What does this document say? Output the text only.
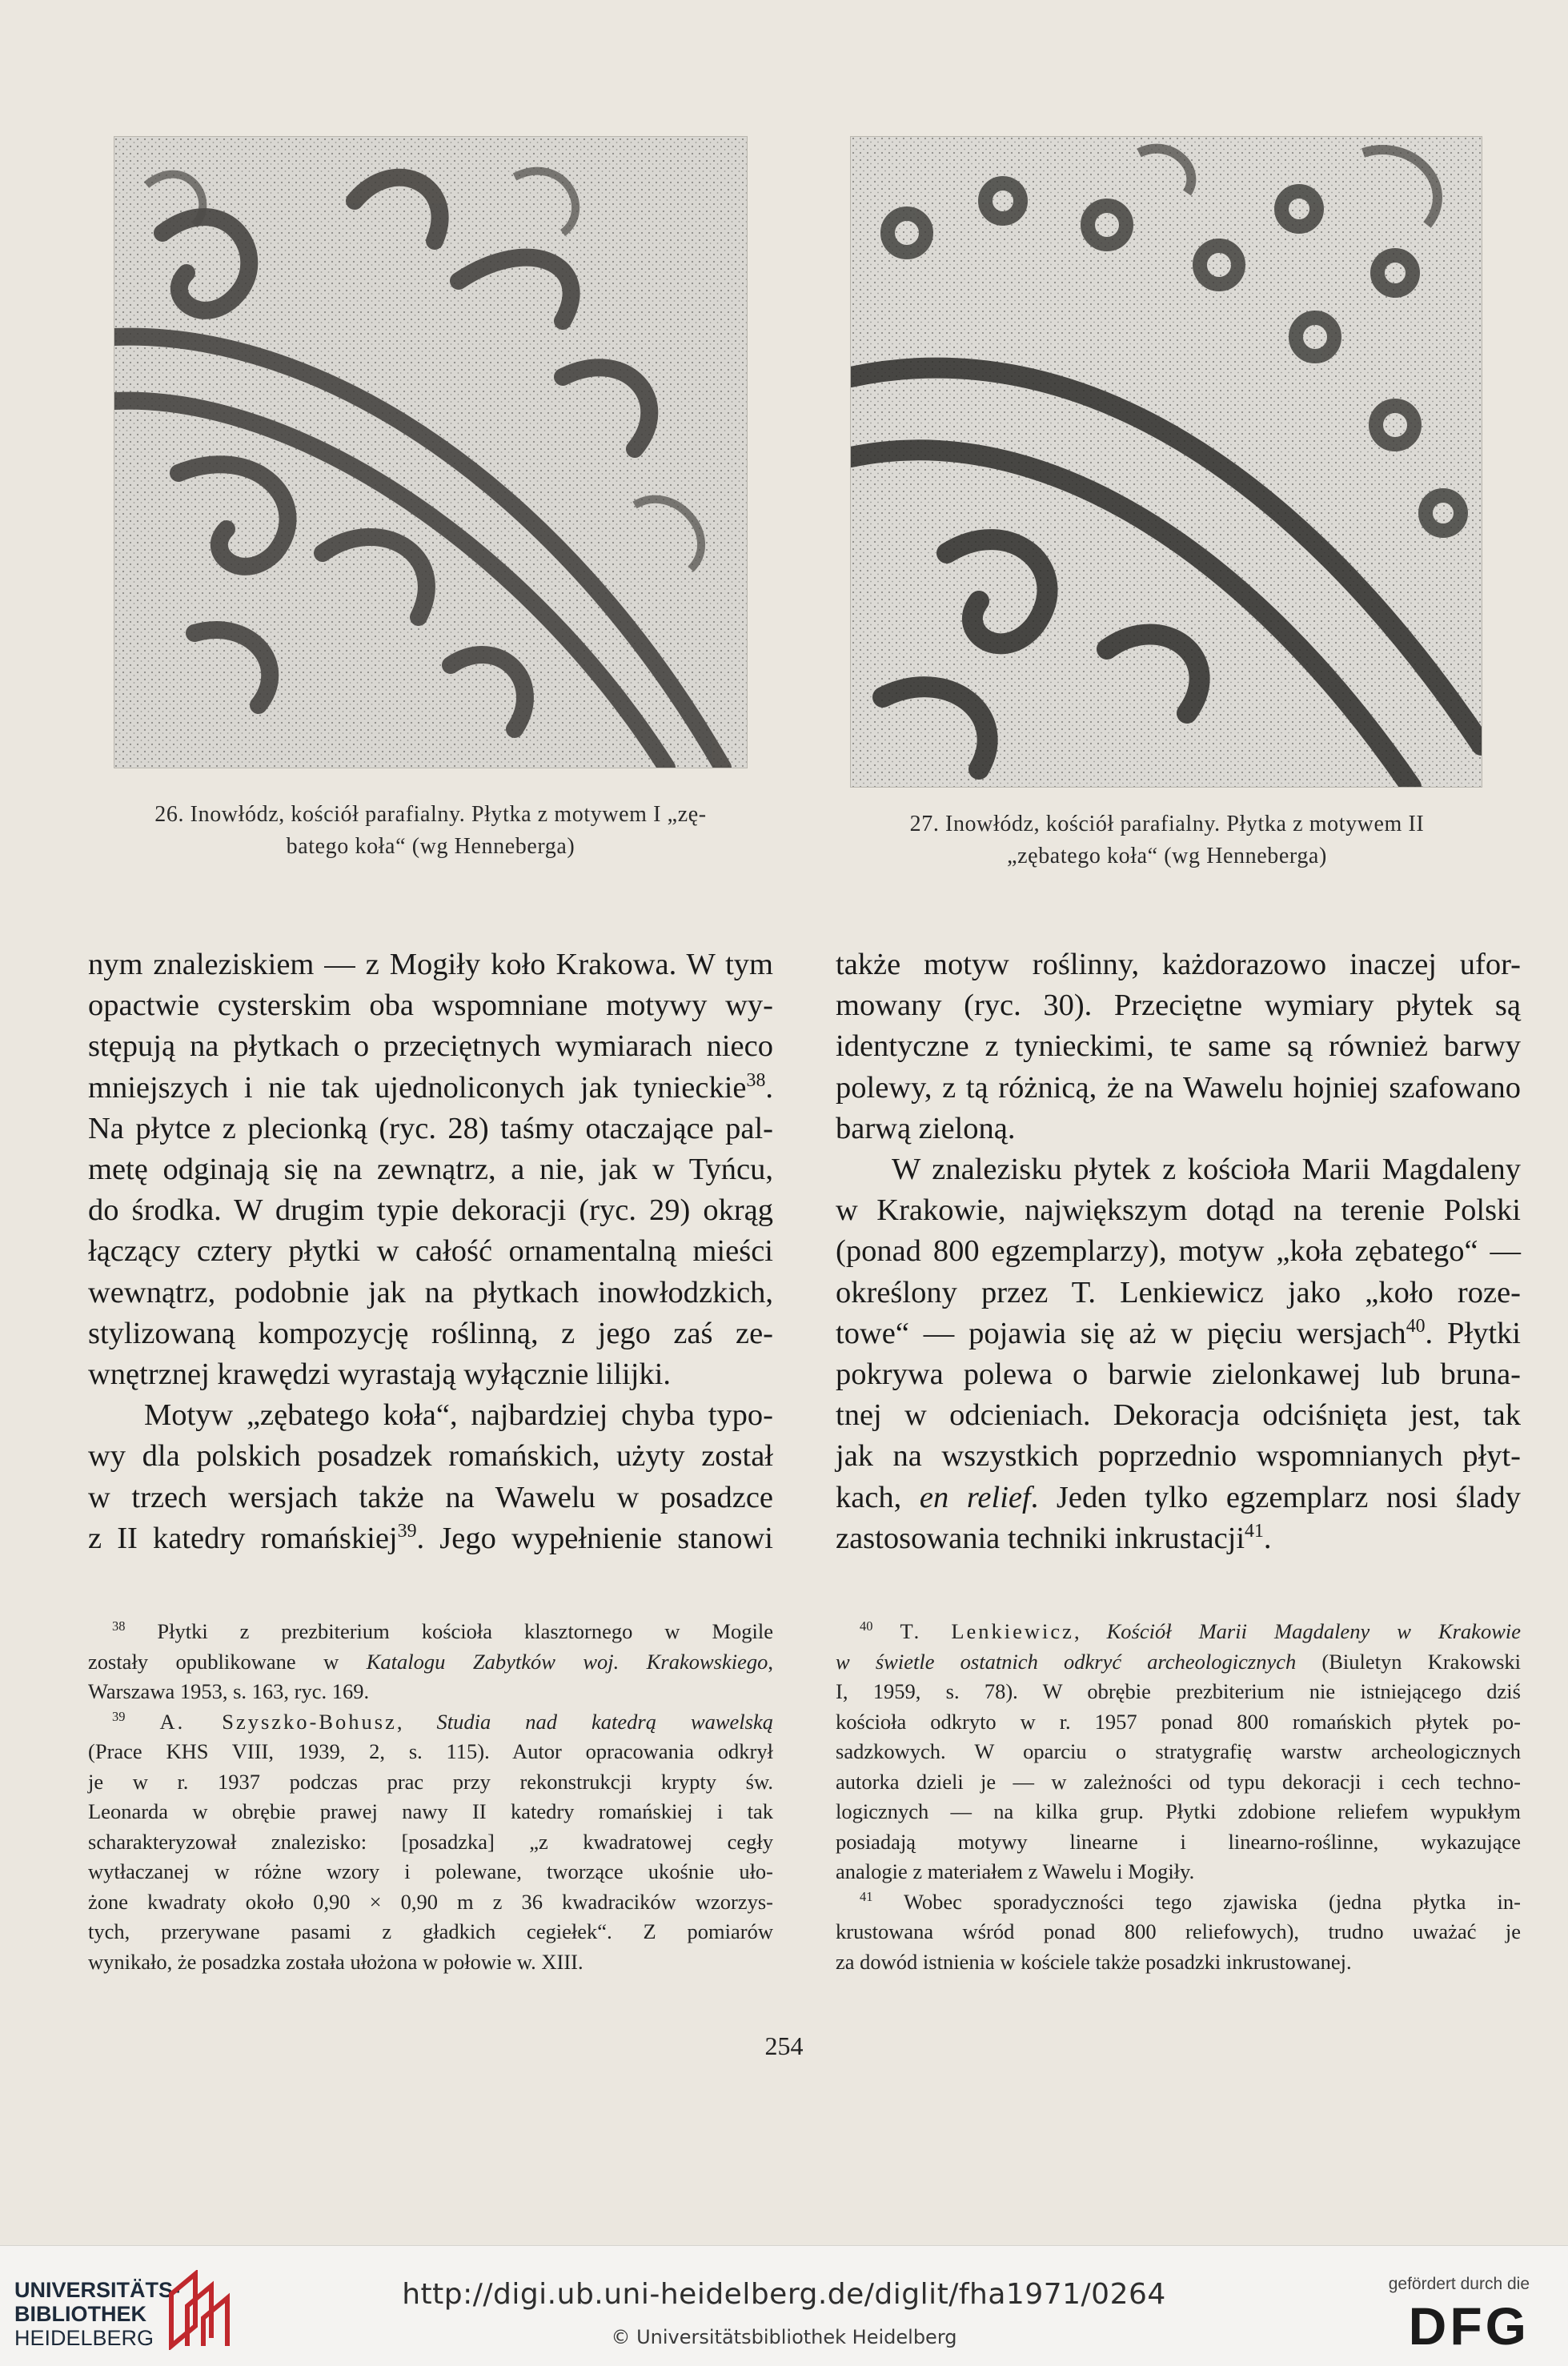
26. Inowłódz, kościół parafialny. Płytka z motywem I „zę-
batego koła“ (wg Henneberga)
27. Inowłódz, kościół parafialny. Płytka z motywem II
„zębatego koła“ (wg Henneberga)
nym znaleziskiem — z Mogiły koło Krakowa. W tym
opactwie cysterskim oba wspomniane motywy wy-
stępują na płytkach o przeciętnych wymiarach nieco
mniejszych i nie tak ujednoliconych jak tynieckie$^{38}$.
Na płytce z plecionką (ryc. 28) taśmy otaczające pal-
metę odginają się na zewnątrz, a nie, jak w Tyńcu,
do środka. W drugim typie dekoracji (ryc. 29) okrąg
łączący cztery płytki w całość ornamentalną mieści
wewnątrz, podobnie jak na płytkach inowłodzkich,
stylizowaną kompozycję roślinną, z jego zaś ze-
wnętrznej krawędzi wyrastają wyłącznie lilijki.
Motyw „zębatego koła“, najbardziej chyba typo-
wy dla polskich posadzek romańskich, użyty został
w trzech wersjach także na Wawelu w posadzce
z II katedry romańskiej$^{39}$. Jego wypełnienie stanowi
także motyw roślinny, każdorazowo inaczej ufor-
mowany (ryc. 30). Przeciętne wymiary płytek są
identyczne z tynieckimi, te same są również barwy
polewy, z tą różnicą, że na Wawelu hojniej szafowano
barwą zieloną.
W znalezisku płytek z kościoła Marii Magdaleny
w Krakowie, największym dotąd na terenie Polski
(ponad 800 egzemplarzy), motyw „koła zębatego“ —
określony przez T. Lenkiewicz jako „koło roze-
towe“ — pojawia się aż w pięciu wersjach$^{40}$. Płytki
pokrywa polewa o barwie zielonkawej lub bruna-
tnej w odcieniach. Dekoracja odciśnięta jest, tak
jak na wszystkich poprzednio wspomnianych płyt-
kach, en relief. Jeden tylko egzemplarz nosi ślady
zastosowania techniki inkrustacji$^{41}$.
$^{38}$ Płytki z prezbiterium kościoła klasztornego w Mogile
zostały opublikowane w Katalogu Zabytków woj. Krakowskiego,
Warszawa 1953, s. 163, ryc. 169.
$^{39}$ A. Szyszko-Bohusz, Studia nad katedrą wawelską
(Prace KHS VIII, 1939, 2, s. 115). Autor opracowania odkrył
je w r. 1937 podczas prac przy rekonstrukcji krypty św.
Leonarda w obrębie prawej nawy II katedry romańskiej i tak
scharakteryzował znalezisko: [posadzka] „z kwadratowej cegły
wytłaczanej w różne wzory i polewane, tworzące ukośnie uło-
żone kwadraty około 0,90 × 0,90 m z 36 kwadracików wzorzys-
tych, przerywane pasami z gładkich cegiełek“. Z pomiarów
wynikało, że posadzka została ułożona w połowie w. XIII.
$^{40}$ T. Lenkiewicz, Kościół Marii Magdaleny w Krakowie
w świetle ostatnich odkryć archeologicznych (Biuletyn Krakowski
I, 1959, s. 78). W obrębie prezbiterium nie istniejącego dziś
kościoła odkryto w r. 1957 ponad 800 romańskich płytek po-
sadzkowych. W oparciu o stratygrafię warstw archeologicznych
autorka dzieli je — w zależności od typu dekoracji i cech techno-
logicznych — na kilka grup. Płytki zdobione reliefem wypukłym
posiadają motywy linearne i linearno-roślinne, wykazujące
analogie z materiałem z Wawelu i Mogiły.
$^{41}$ Wobec sporadyczności tego zjawiska (jedna płytka in-
krustowana wśród ponad 800 reliefowych), trudno uważać je
za dowód istnienia w kościele także posadzki inkrustowanej.
254
UNIVERSITÄTS-
BIBLIOTHEK
HEIDELBERG
http://digi.ub.uni-heidelberg.de/diglit/fha1971/0264
© Universitätsbibliothek Heidelberg
gefördert durch die
DFG
